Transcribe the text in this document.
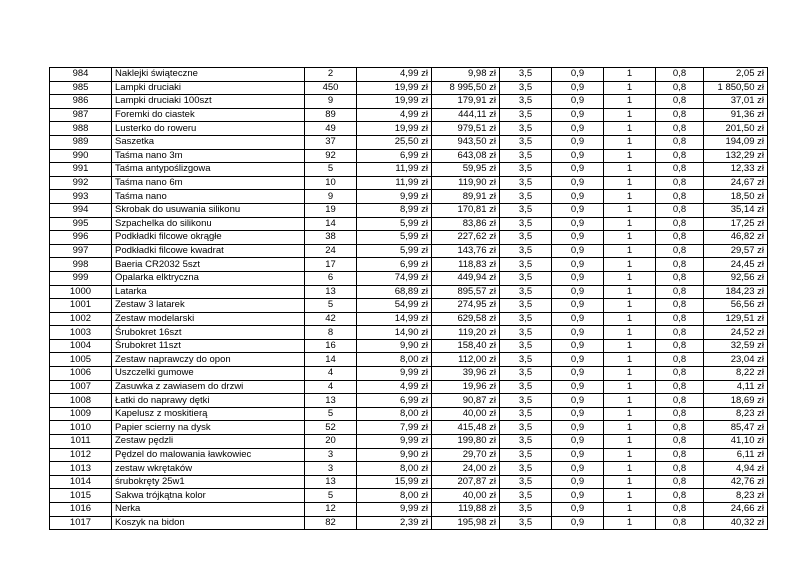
984	Naklejki świąteczne	2	4,99 zł	9,98 zł	3,5	0,9	1	0,8	2,05 zł
985	Lampki druciaki	450	19,99 zł	8 995,50 zł	3,5	0,9	1	0,8	1 850,50 zł
986	Lampki druciaki 100szt	9	19,99 zł	179,91 zł	3,5	0,9	1	0,8	37,01 zł
987	Foremki do ciastek	89	4,99 zł	444,11 zł	3,5	0,9	1	0,8	91,36 zł
988	Lusterko do roweru	49	19,99 zł	979,51 zł	3,5	0,9	1	0,8	201,50 zł
989	Saszetka	37	25,50 zł	943,50 zł	3,5	0,9	1	0,8	194,09 zł
990	Taśma nano 3m	92	6,99 zł	643,08 zł	3,5	0,9	1	0,8	132,29 zł
991	Taśma antypoślizgowa	5	11,99 zł	59,95 zł	3,5	0,9	1	0,8	12,33 zł
992	Taśma nano 6m	10	11,99 zł	119,90 zł	3,5	0,9	1	0,8	24,67 zł
993	Taśma nano	9	9,99 zł	89,91 zł	3,5	0,9	1	0,8	18,50 zł
994	Skrobak do usuwania silikonu	19	8,99 zł	170,81 zł	3,5	0,9	1	0,8	35,14 zł
995	Szpachelka do silikonu	14	5,99 zł	83,86 zł	3,5	0,9	1	0,8	17,25 zł
996	Podkładki filcowe okrągłe	38	5,99 zł	227,62 zł	3,5	0,9	1	0,8	46,82 zł
997	Podkładki filcowe kwadrat	24	5,99 zł	143,76 zł	3,5	0,9	1	0,8	29,57 zł
998	Baeria CR2032 5szt	17	6,99 zł	118,83 zł	3,5	0,9	1	0,8	24,45 zł
999	Opalarka elktryczna	6	74,99 zł	449,94 zł	3,5	0,9	1	0,8	92,56 zł
1000	Latarka	13	68,89 zł	895,57 zł	3,5	0,9	1	0,8	184,23 zł
1001	Zestaw 3 latarek	5	54,99 zł	274,95 zł	3,5	0,9	1	0,8	56,56 zł
1002	Zestaw modelarski	42	14,99 zł	629,58 zł	3,5	0,9	1	0,8	129,51 zł
1003	Śrubokret 16szt	8	14,90 zł	119,20 zł	3,5	0,9	1	0,8	24,52 zł
1004	Śrubokret 11szt	16	9,90 zł	158,40 zł	3,5	0,9	1	0,8	32,59 zł
1005	Zestaw naprawczy do opon	14	8,00 zł	112,00 zł	3,5	0,9	1	0,8	23,04 zł
1006	Uszczelki gumowe	4	9,99 zł	39,96 zł	3,5	0,9	1	0,8	8,22 zł
1007	Zasuwka z zawiasem do drzwi	4	4,99 zł	19,96 zł	3,5	0,9	1	0,8	4,11 zł
1008	Łatki do naprawy dętki	13	6,99 zł	90,87 zł	3,5	0,9	1	0,8	18,69 zł
1009	Kapelusz z moskitierą	5	8,00 zł	40,00 zł	3,5	0,9	1	0,8	8,23 zł
1010	Papier scierny na dysk	52	7,99 zł	415,48 zł	3,5	0,9	1	0,8	85,47 zł
1011	Zestaw pędzli	20	9,99 zł	199,80 zł	3,5	0,9	1	0,8	41,10 zł
1012	Pędzel do malowania ławkowiec	3	9,90 zł	29,70 zł	3,5	0,9	1	0,8	6,11 zł
1013	zestaw wkrętaków	3	8,00 zł	24,00 zł	3,5	0,9	1	0,8	4,94 zł
1014	śrubokręty 25w1	13	15,99 zł	207,87 zł	3,5	0,9	1	0,8	42,76 zł
1015	Sakwa trójkątna kolor	5	8,00 zł	40,00 zł	3,5	0,9	1	0,8	8,23 zł
1016	Nerka	12	9,99 zł	119,88 zł	3,5	0,9	1	0,8	24,66 zł
1017	Koszyk na bidon	82	2,39 zł	195,98 zł	3,5	0,9	1	0,8	40,32 zł
